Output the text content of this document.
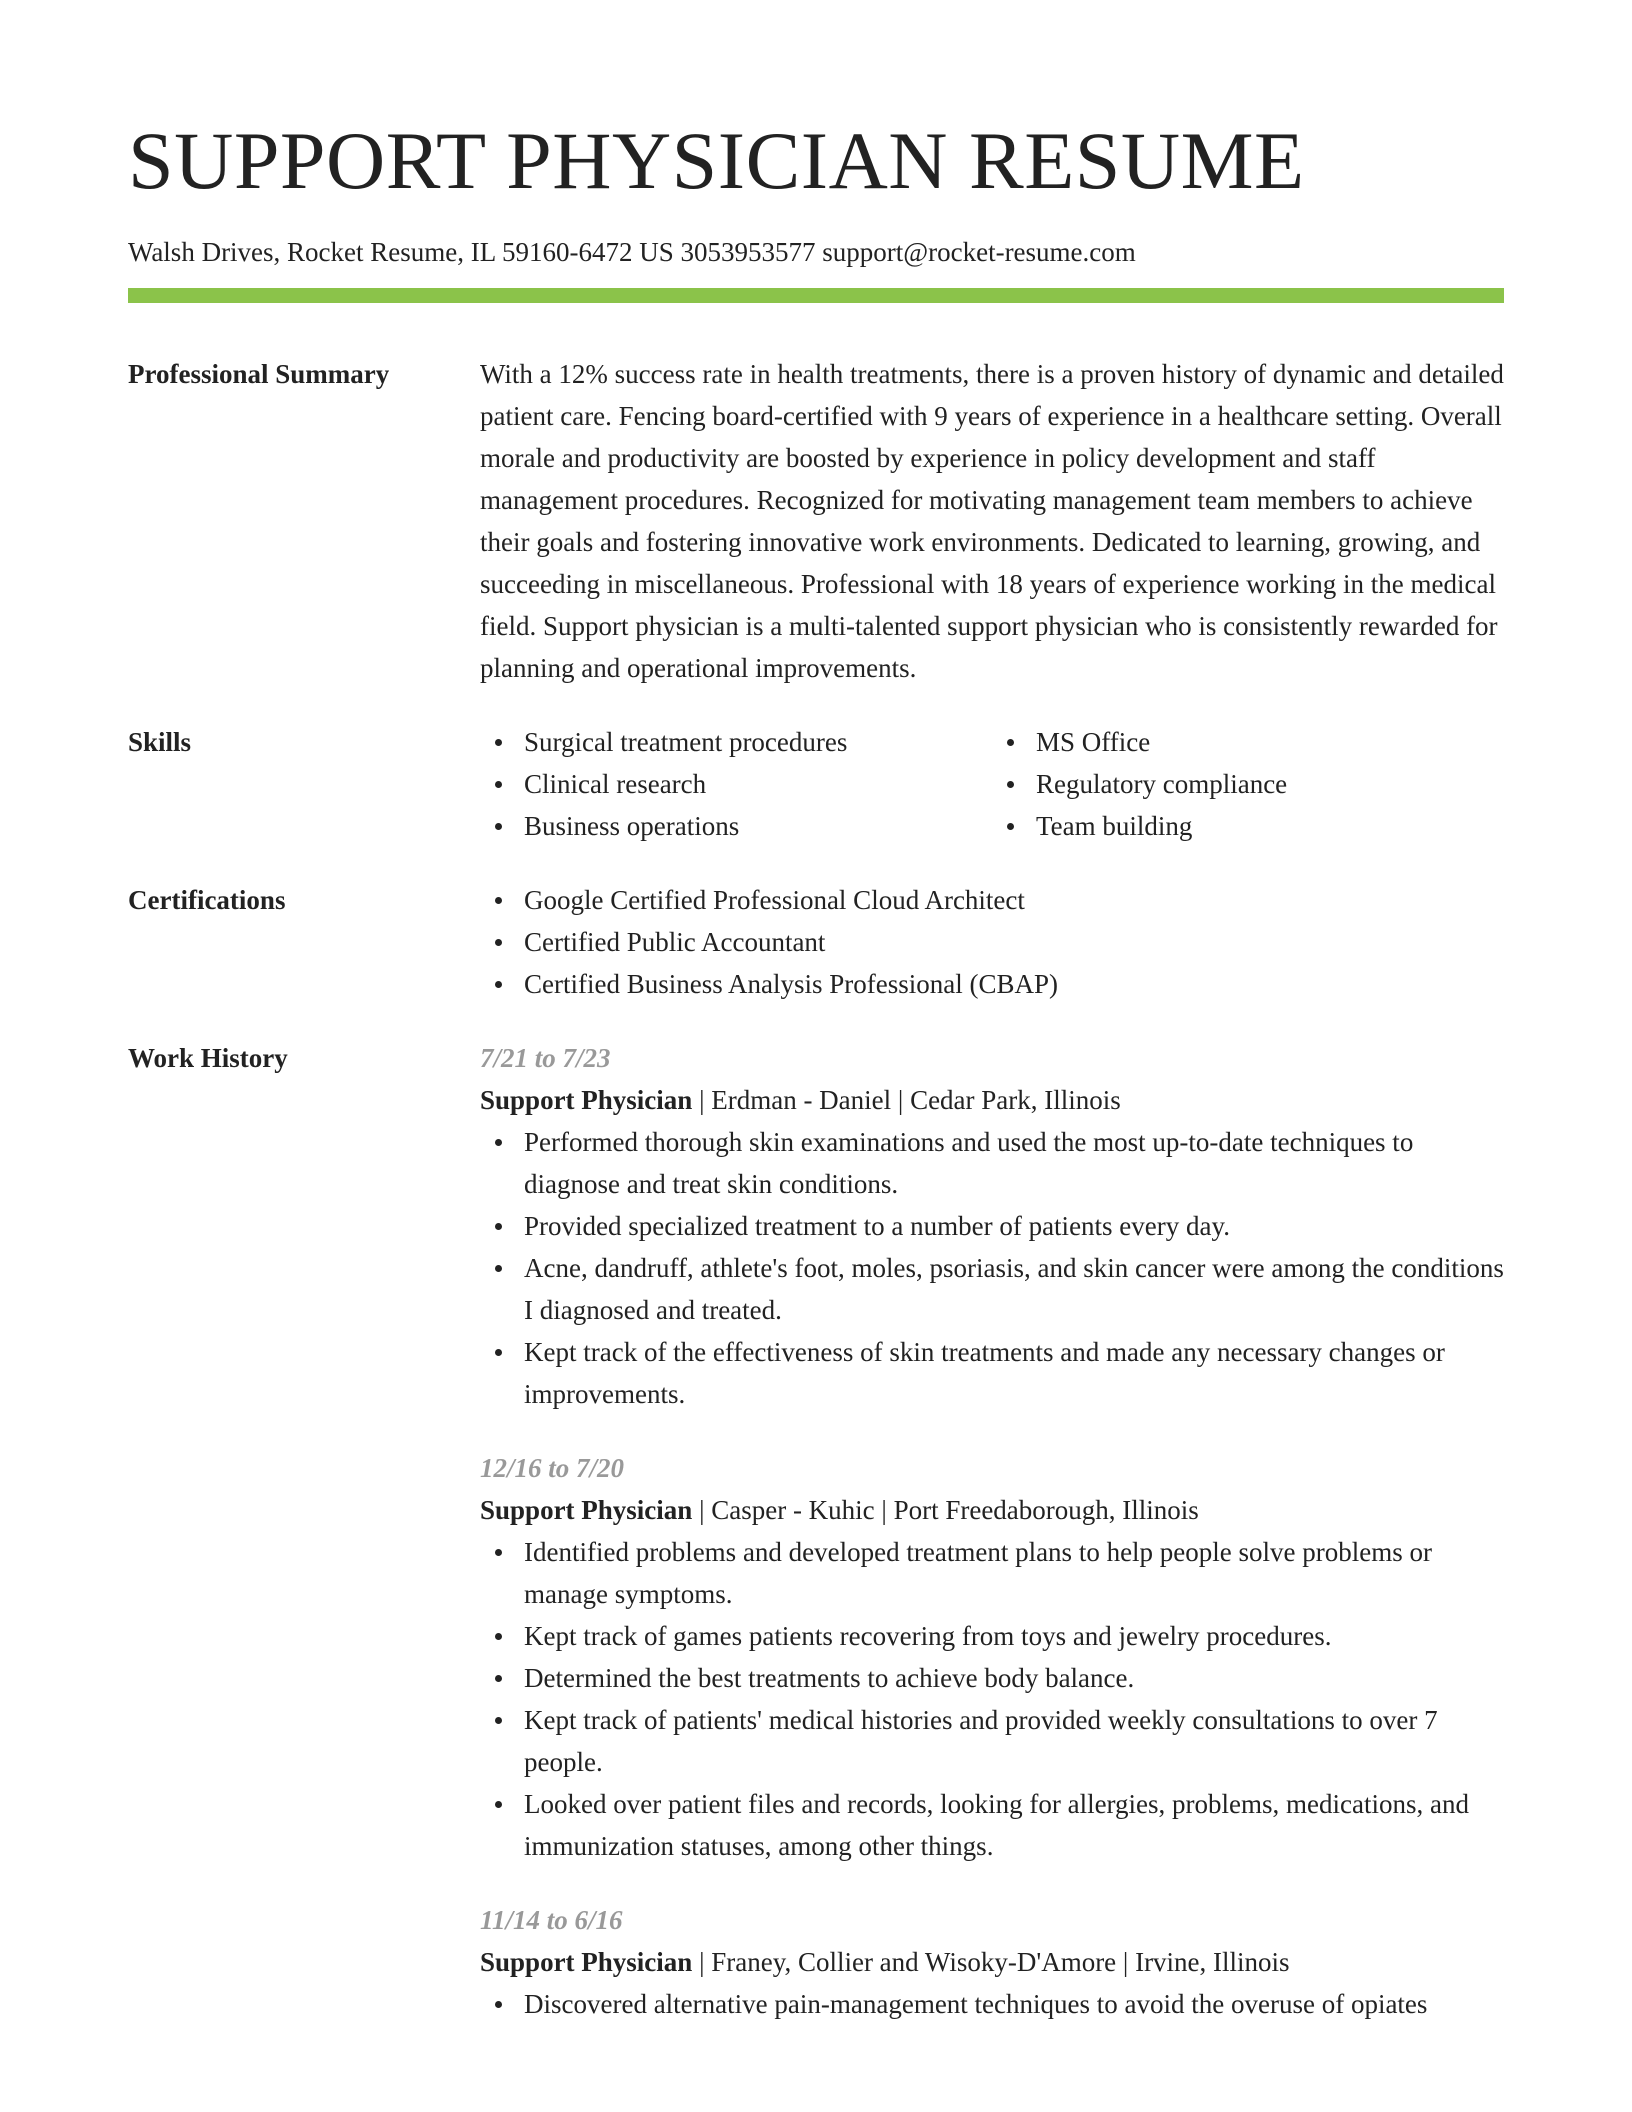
SUPPORT PHYSICIAN RESUME
Walsh Drives, Rocket Resume, IL 59160-6472 US 3053953577 support@rocket-resume.com
Professional Summary	With a 12% success rate in health treatments, there is a proven history of dynamic and detailed patient care. Fencing board-certified with 9 years of experience in a healthcare setting. Overall morale and productivity are boosted by experience in policy development and staff management procedures. Recognized for motivating management team members to achieve their goals and fostering innovative work environments. Dedicated to learning, growing, and succeeding in miscellaneous. Professional with 18 years of experience working in the medical field. Support physician is a multi-talented support physician who is consistently rewarded for planning and operational improvements.
Skills	Surgical treatment procedures
Clinical research
Business operations
MS Office
Regulatory compliance
Team building
Certifications	Google Certified Professional Cloud Architect
Certified Public Accountant
Certified Business Analysis Professional (CBAP)
Work History	7/21 to 7/23
Support Physician | Erdman - Daniel | Cedar Park, Illinois
Performed thorough skin examinations and used the most up-to-date techniques to diagnose and treat skin conditions.
Provided specialized treatment to a number of patients every day.
Acne, dandruff, athlete's foot, moles, psoriasis, and skin cancer were among the conditions I diagnosed and treated.
Kept track of the effectiveness of skin treatments and made any necessary changes or improvements.
12/16 to 7/20
Support Physician | Casper - Kuhic | Port Freedaborough, Illinois
Identified problems and developed treatment plans to help people solve problems or manage symptoms.
Kept track of games patients recovering from toys and jewelry procedures.
Determined the best treatments to achieve body balance.
Kept track of patients' medical histories and provided weekly consultations to over 7 people.
Looked over patient files and records, looking for allergies, problems, medications, and immunization statuses, among other things.
11/14 to 6/16
Support Physician | Franey, Collier and Wisoky-D'Amore | Irvine, Illinois
Discovered alternative pain-management techniques to avoid the overuse of opiates
